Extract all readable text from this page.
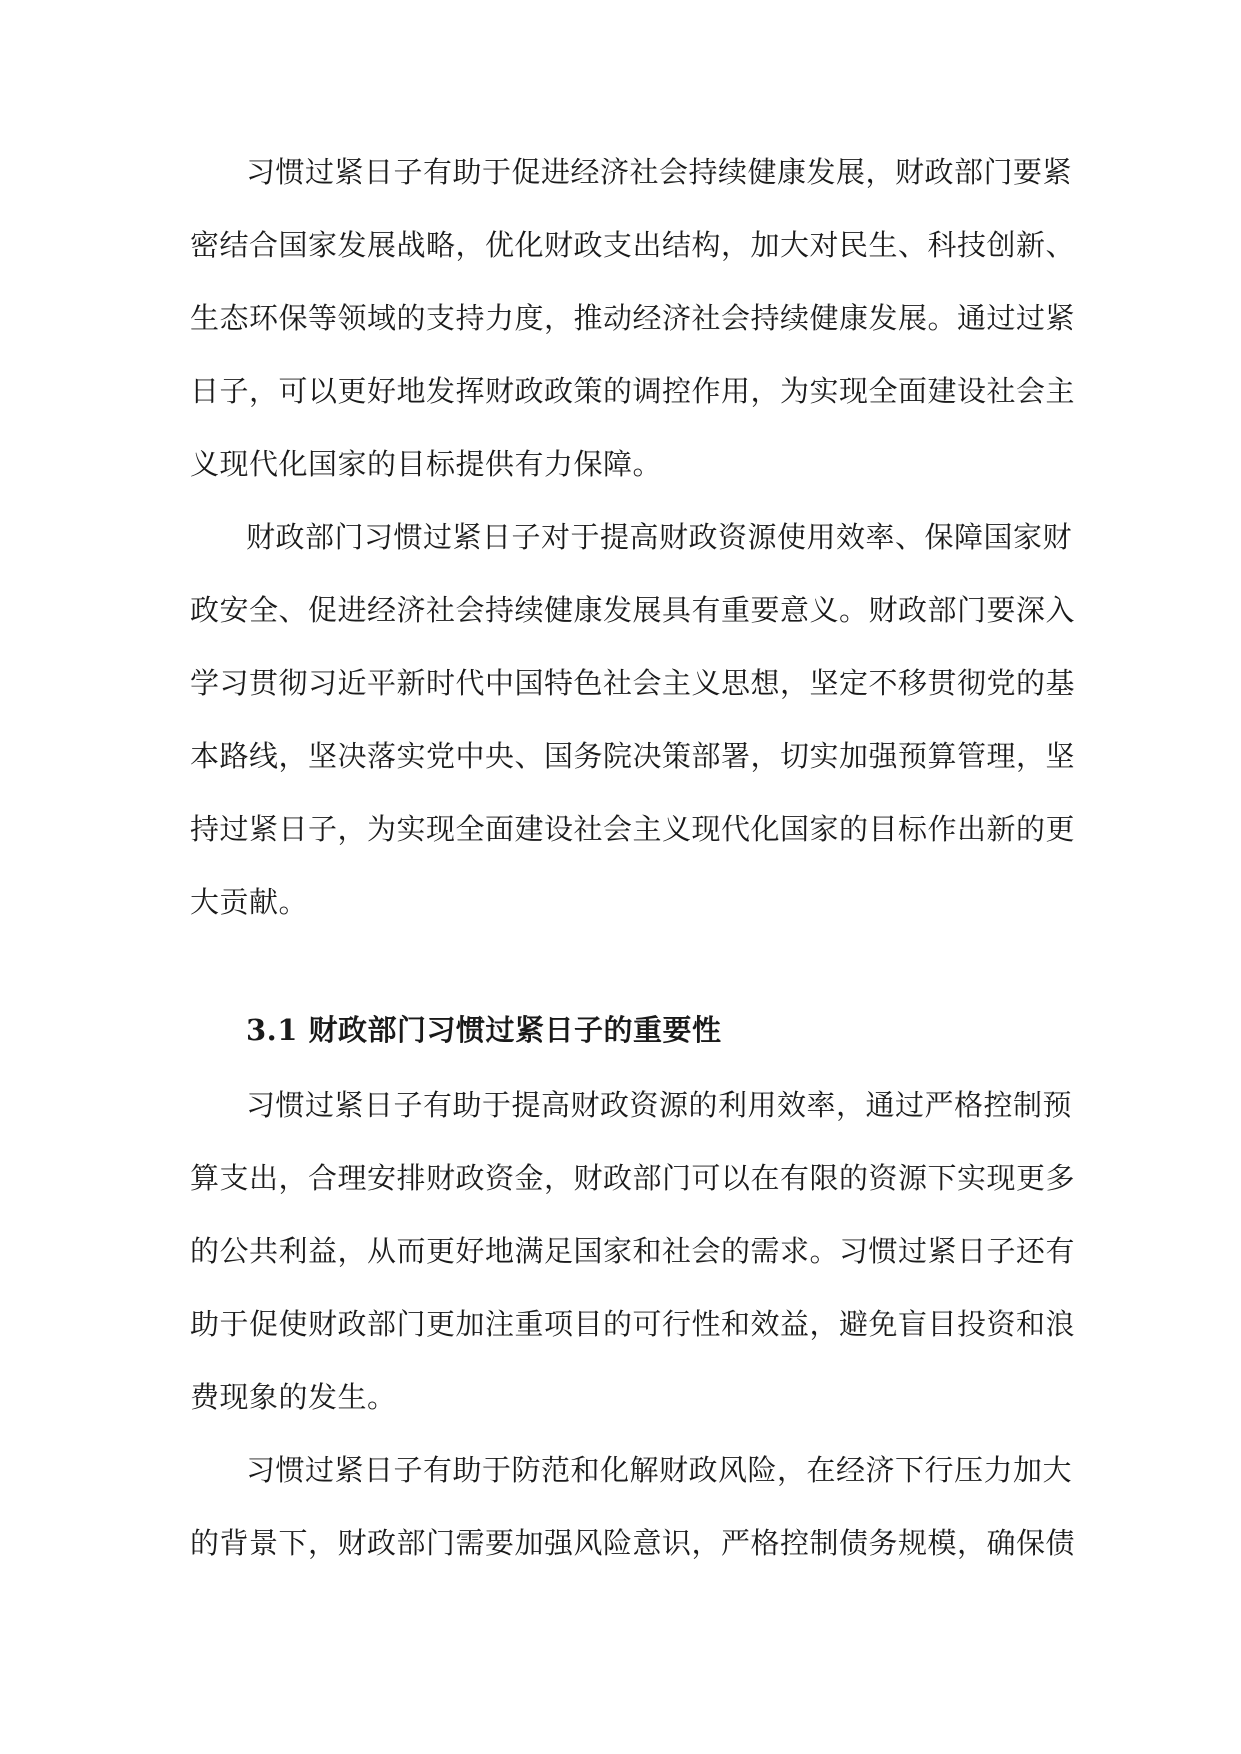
习惯过紧日子有助于促进经济社会持续健康发展，财政部门要紧
密结合国家发展战略，优化财政支出结构，加大对民生、科技创新、
生态环保等领域的支持力度，推动经济社会持续健康发展。通过过紧
日子，可以更好地发挥财政政策的调控作用，为实现全面建设社会主
义现代化国家的目标提供有力保障。
财政部门习惯过紧日子对于提高财政资源使用效率、保障国家财
政安全、促进经济社会持续健康发展具有重要意义。财政部门要深入
学习贯彻习近平新时代中国特色社会主义思想，坚定不移贯彻党的基
本路线，坚决落实党中央、国务院决策部署，切实加强预算管理，坚
持过紧日子，为实现全面建设社会主义现代化国家的目标作出新的更
大贡献。
3.1 财政部门习惯过紧日子的重要性
习惯过紧日子有助于提高财政资源的利用效率，通过严格控制预
算支出，合理安排财政资金，财政部门可以在有限的资源下实现更多
的公共利益，从而更好地满足国家和社会的需求。习惯过紧日子还有
助于促使财政部门更加注重项目的可行性和效益，避免盲目投资和浪
费现象的发生。
习惯过紧日子有助于防范和化解财政风险，在经济下行压力加大
的背景下，财政部门需要加强风险意识，严格控制债务规模，确保债
